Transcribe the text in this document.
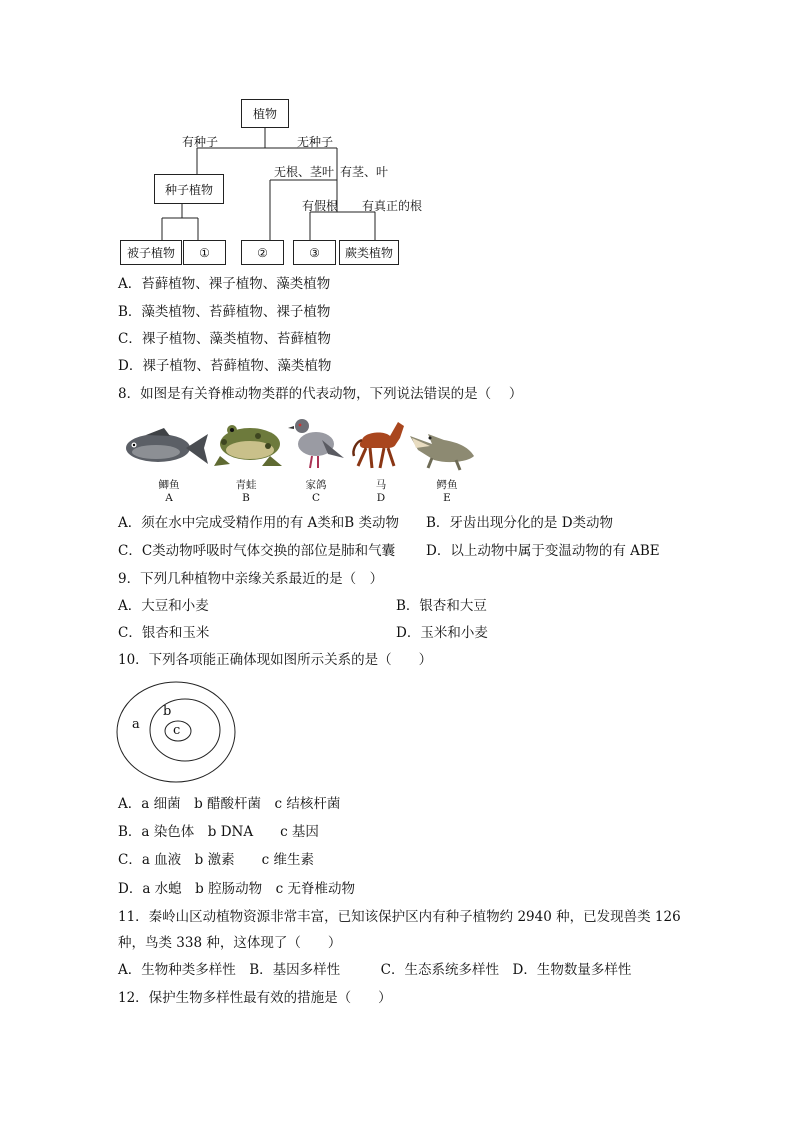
植物
有种子	无种子
种子植物
无根、茎叶 有茎、叶
有假根 有真正的根
被子植物 ①	②	③ 蕨类植物
A．苔藓植物、裸子植物、藻类植物
B．藻类植物、苔藓植物、裸子植物
C．裸子植物、藻类植物、苔藓植物
D．裸子植物、苔藓植物、藻类植物
8．如图是有关脊椎动物类群的代表动物，下列说法错误的是（　 ）
鲫鱼
A
青蛙
B
家鸽
C
马
D
鳄鱼
E
A．须在水中完成受精作用的有 A类和B 类动物 B．牙齿出现分化的是 D类动物
C．C类动物呼吸时气体交换的部位是肺和气囊 D．以上动物中属于变温动物的有 ABE
9．下列几种植物中亲缘关系最近的是（　）
A．大豆和小麦	B．银杏和大豆
C．银杏和玉米	D．玉米和小麦
10．下列各项能正确体现如图所示关系的是（　　）
a
b
c
A．a 细菌　b 醋酸杆菌　c 结核杆菌
B．a 染色体　b DNA　　c 基因
C．a 血液　b 激素　　c 维生素
D．a 水螅　b 腔肠动物　c 无脊椎动物
11．秦岭山区动植物资源非常丰富，已知该保护区内有种子植物约 2940 种，已发现兽类 126
种，鸟类 338 种，这体现了（　　）
A．生物种类多样性　B．基因多样性　　　C．生态系统多样性　D．生物数量多样性
12．保护生物多样性最有效的措施是（　　）
